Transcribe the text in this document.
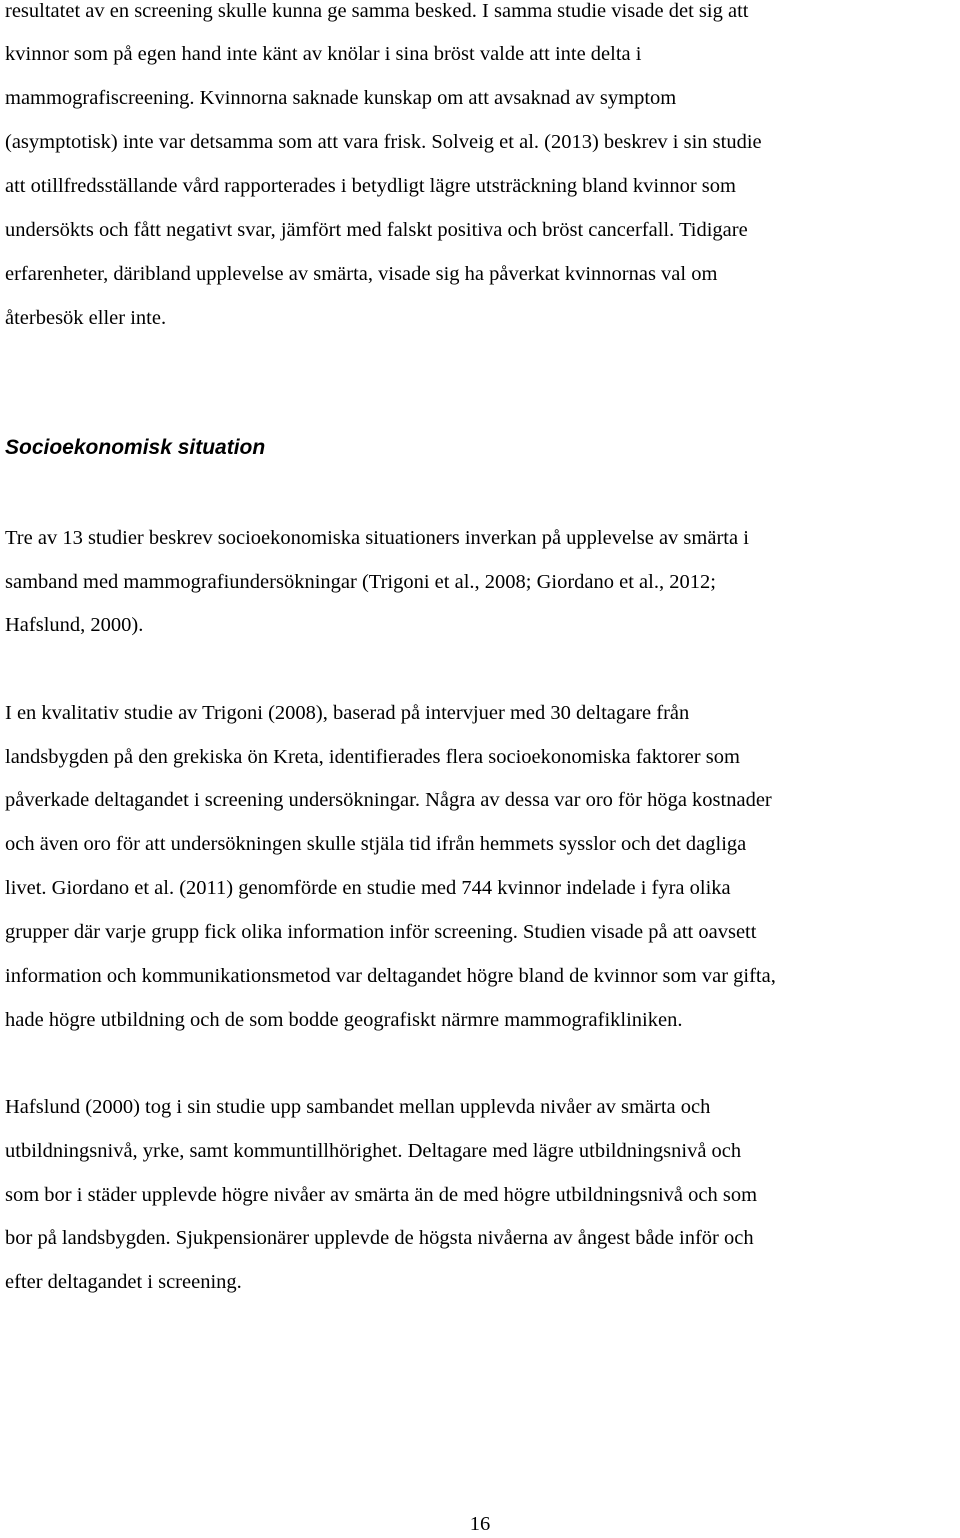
resultatet av en screening skulle kunna ge samma besked. I samma studie visade det sig att

kvinnor som på egen hand inte känt av knölar i sina bröst valde att inte delta i

mammografiscreening. Kvinnorna saknade kunskap om att avsaknad av symptom

(asymptotisk) inte var detsamma som att vara frisk. Solveig et al. (2013) beskrev i sin studie

att otillfredsställande vård rapporterades i betydligt lägre utsträckning bland kvinnor som

undersökts och fått negativt svar, jämfört med falskt positiva och bröst cancerfall. Tidigare

erfarenheter, däribland upplevelse av smärta, visade sig ha påverkat kvinnornas val om

återbesök eller inte.

Socioekonomisk situation

Tre av 13 studier beskrev socioekonomiska situationers inverkan på upplevelse av smärta i

samband med mammografiundersökningar (Trigoni et al., 2008; Giordano et al., 2012;

Hafslund, 2000).

I en kvalitativ studie av Trigoni (2008), baserad på intervjuer med 30 deltagare från

landsbygden på den grekiska ön Kreta, identifierades flera socioekonomiska faktorer som

påverkade deltagandet i screening undersökningar. Några av dessa var oro för höga kostnader

och även oro för att undersökningen skulle stjäla tid ifrån hemmets sysslor och det dagliga

livet. Giordano et al. (2011) genomförde en studie med 744 kvinnor indelade i fyra olika

grupper där varje grupp fick olika information inför screening. Studien visade på att oavsett

information och kommunikationsmetod var deltagandet högre bland de kvinnor som var gifta,

hade högre utbildning och de som bodde geografiskt närmre mammografikliniken.

Hafslund (2000) tog i sin studie upp sambandet mellan upplevda nivåer av smärta och

utbildningsnivå, yrke, samt kommuntillhörighet. Deltagare med lägre utbildningsnivå och

som bor i städer upplevde högre nivåer av smärta än de med högre utbildningsnivå och som

bor på landsbygden. Sjukpensionärer upplevde de högsta nivåerna av ångest både inför och

efter deltagandet i screening.

16
